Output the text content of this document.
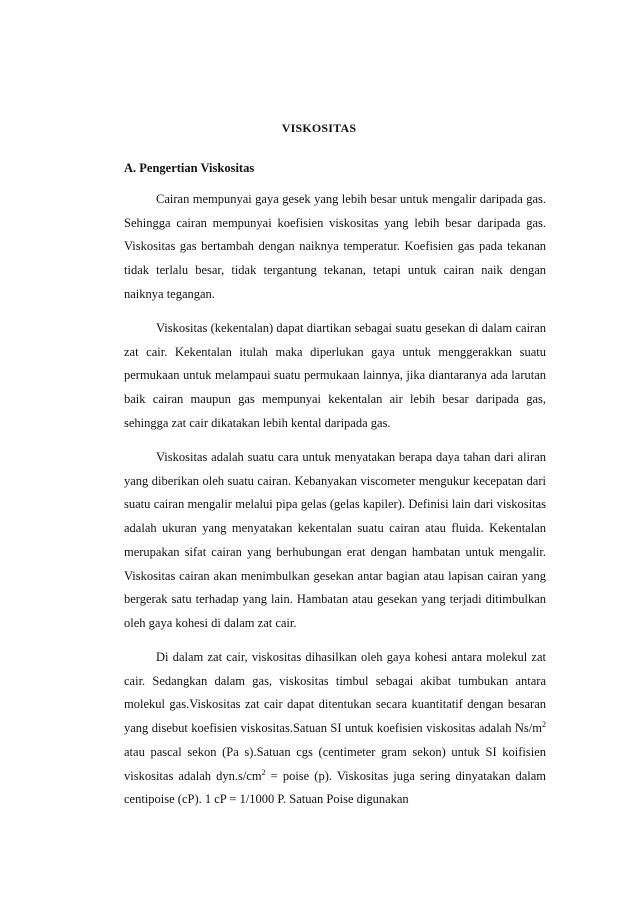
VISKOSITAS
A. Pengertian Viskositas

Cairan mempunyai gaya gesek yang lebih besar untuk mengalir daripada gas. Sehingga cairan mempunyai koefisien viskositas yang lebih besar daripada gas. Viskositas gas bertambah dengan naiknya temperatur. Koefisien gas pada tekanan tidak terlalu besar, tidak tergantung tekanan, tetapi untuk cairan naik dengan naiknya tegangan.

Viskositas (kekentalan) dapat diartikan sebagai suatu gesekan di dalam cairan zat cair. Kekentalan itulah maka diperlukan gaya untuk menggerakkan suatu permukaan untuk melampaui suatu permukaan lainnya, jika diantaranya ada larutan baik cairan maupun gas mempunyai kekentalan air lebih besar daripada gas, sehingga zat cair dikatakan lebih kental daripada gas.

Viskositas adalah suatu cara untuk menyatakan berapa daya tahan dari aliran yang diberikan oleh suatu cairan. Kebanyakan viscometer mengukur kecepatan dari suatu cairan mengalir melalui pipa gelas (gelas kapiler). Definisi lain dari viskositas adalah ukuran yang menyatakan kekentalan suatu cairan atau fluida. Kekentalan merupakan sifat cairan yang berhubungan erat dengan hambatan untuk mengalir. Viskositas cairan akan menimbulkan gesekan antar bagian atau lapisan cairan yang bergerak satu terhadap yang lain. Hambatan atau gesekan yang terjadi ditimbulkan oleh gaya kohesi di dalam zat cair.

Di dalam zat cair, viskositas dihasilkan oleh gaya kohesi antara molekul zat cair. Sedangkan dalam gas, viskositas timbul sebagai akibat tumbukan antara molekul gas.Viskositas zat cair dapat ditentukan secara kuantitatif dengan besaran yang disebut koefisien viskositas.Satuan SI untuk koefisien viskositas adalah $Ns/m^2$ atau pascal sekon (Pa s).Satuan cgs (centimeter gram sekon) untuk SI koifisien viskositas adalah $dyn.s/cm^2$ = poise (p). Viskositas juga sering dinyatakan dalam centipoise (cP). 1 cP = 1/1000 P. Satuan Poise digunakan
